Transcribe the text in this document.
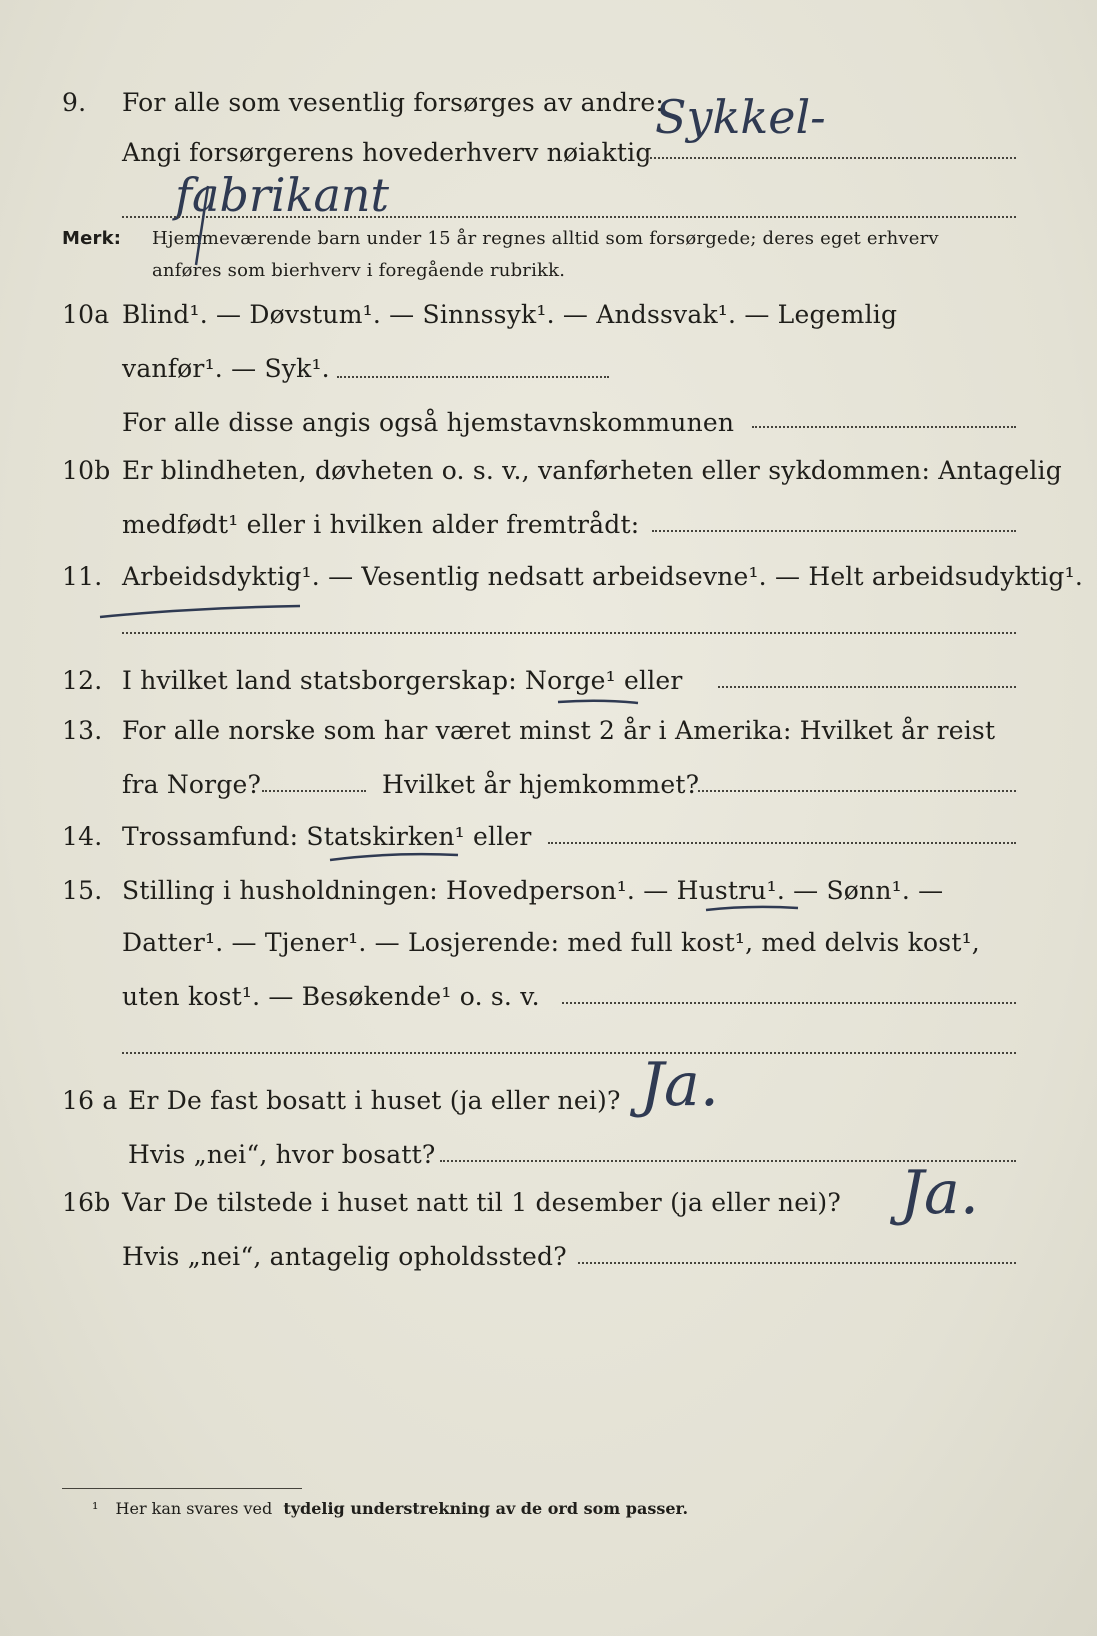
9. For alle som vesentlig forsørges av andre:
Sykkel-
Angi forsørgerens hovederhverv nøiaktig
fabrikant
Merk: Hjemmeværende barn under 15 år regnes alltid som forsørgede; deres eget erhverv
anføres som bierhverv i foregående rubrikk.
10a Blind¹. — Døvstum¹. — Sinnssyk¹. — Andssvak¹. — Legemlig
vanfør¹. — Syk¹.
For alle disse angis også hjemstavnskommunen
10b Er blindheten, døvheten o. s. v., vanførheten eller sykdommen: Antagelig
medfødt¹ eller i hvilken alder fremtrådt:
11. Arbeidsdyktig¹. — Vesentlig nedsatt arbeidsevne¹. — Helt arbeidsudyktig¹.
12. I hvilket land statsborgerskap: Norge¹ eller
13. For alle norske som har været minst 2 år i Amerika: Hvilket år reist
fra Norge?	Hvilket år hjemkommet?
14. Trossamfund: Statskirken¹ eller
15. Stilling i husholdningen: Hovedperson¹. — Hustru¹. — Sønn¹. —
Datter¹. — Tjener¹. — Losjerende: med full kost¹, med delvis kost¹,
uten kost¹. — Besøkende¹ o. s. v.
16 a Er De fast bosatt i huset (ja eller nei)? Ja.
Hvis „nei“, hvor bosatt?
16b Var De tilstede i huset natt til 1 desember (ja eller nei)? Ja.
Hvis „nei“, antagelig opholdssted?
¹ Her kan svares ved tydelig understrekning av de ord som passer.
